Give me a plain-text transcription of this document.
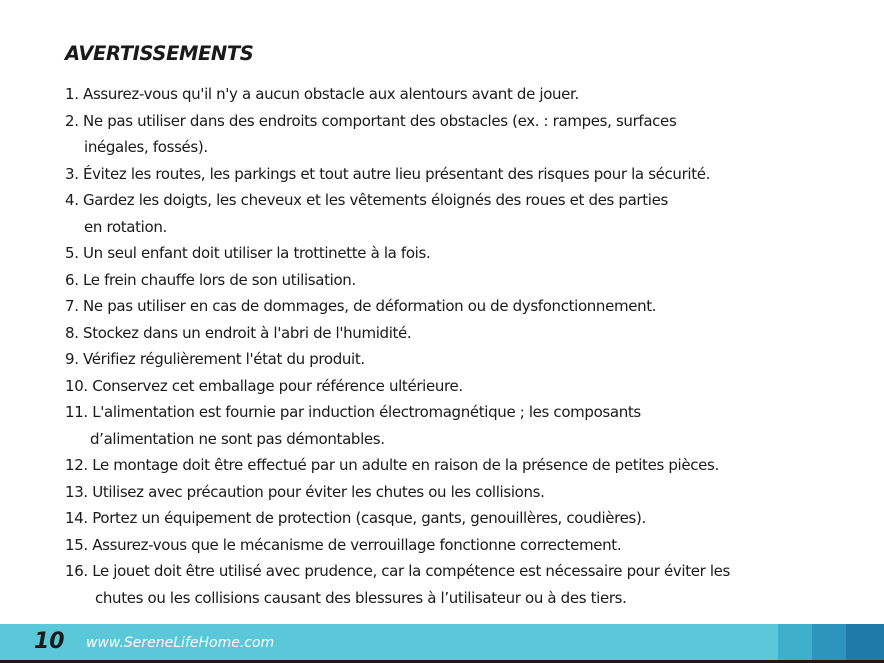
AVERTISSEMENTS
1. Assurez-vous qu'il n'y a aucun obstacle aux alentours avant de jouer.
2. Ne pas utiliser dans des endroits comportant des obstacles (ex. : rampes, surfaces
inégales, fossés).
3. Évitez les routes, les parkings et tout autre lieu présentant des risques pour la sécurité.
4. Gardez les doigts, les cheveux et les vêtements éloignés des roues et des parties
en rotation.
5. Un seul enfant doit utiliser la trottinette à la fois.
6. Le frein chauffe lors de son utilisation.
7. Ne pas utiliser en cas de dommages, de déformation ou de dysfonctionnement.
8. Stockez dans un endroit à l'abri de l'humidité.
9. Vérifiez régulièrement l'état du produit.
10. Conservez cet emballage pour référence ultérieure.
11. L'alimentation est fournie par induction électromagnétique ; les composants
d’alimentation ne sont pas démontables.
12. Le montage doit être effectué par un adulte en raison de la présence de petites pièces.
13. Utilisez avec précaution pour éviter les chutes ou les collisions.
14. Portez un équipement de protection (casque, gants, genouillères, coudières).
15. Assurez-vous que le mécanisme de verrouillage fonctionne correctement.
16. Le jouet doit être utilisé avec prudence, car la compétence est nécessaire pour éviter les
chutes ou les collisions causant des blessures à l’utilisateur ou à des tiers.
10 www.SereneLifeHome.com
